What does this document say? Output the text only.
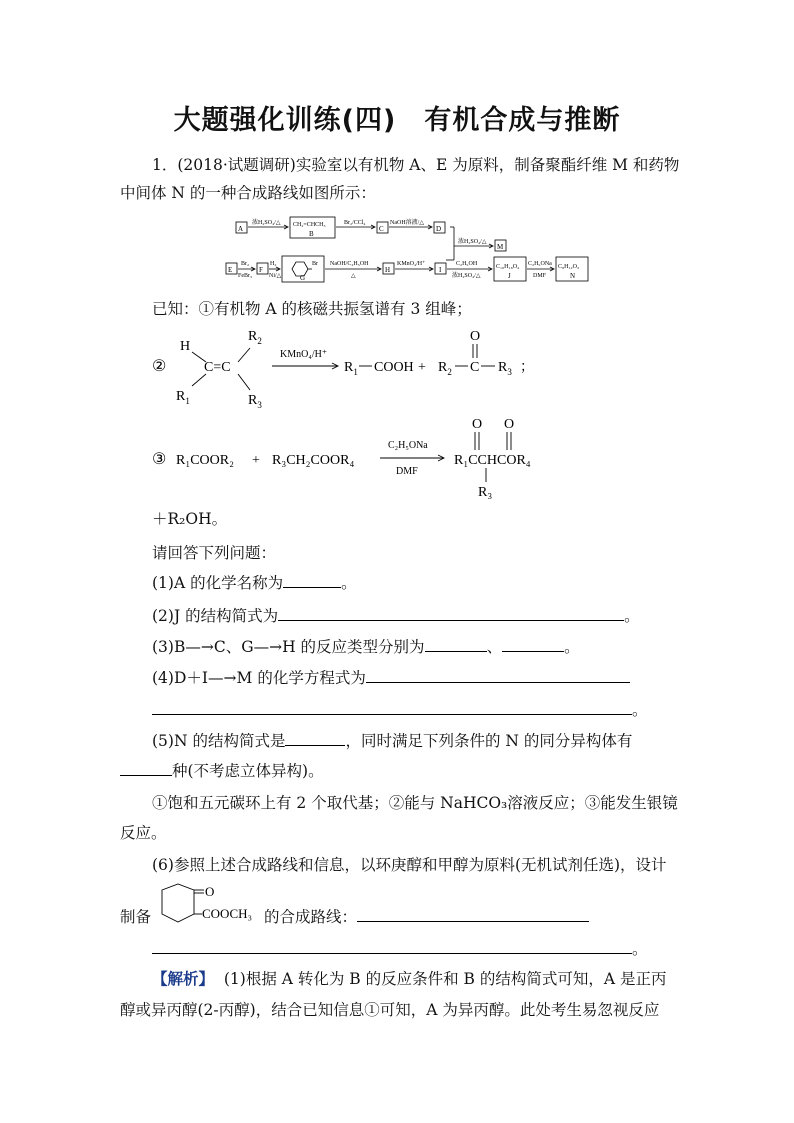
大题强化训练(四)　有机合成与推断
1．(2018·试题调研)实验室以有机物 A、E 为原料，制备聚酯纤维 M 和药物
中间体 N 的一种合成路线如图所示：
A	CH₂=CHCH₃
B
C	D
M
浓H₂SO₄/△	Br₂/CCl₄	NaOH溶液/△
浓H₂SO₄/△
E	F
Br
G
H	I	C₁₀H₁₈O₄
J
C₈H₁₂O₃
N
Br₂
FeBr₃
H₂
Ni/△
NaOH/C₂H₅OH
△
KMnO₄/H⁺	C₂H₅OH
浓H₂SO₄/△
C₂H₅ONa
DMF
已知：①有机物 A 的核磁共振氢谱有 3 组峰；
②
H
$R_2$
$R_1$	$R_3$
C=C
KMnO₄/H⁺
$R_1$ COOH + $R_2$
O
C $R_3$ ；
③ R₁COOR₂ + R₃CH₂COOR₄
C₂H₅ONa
DMF
O O
R₁CCHCOR₄
R₃
＋R₂OH。
请回答下列问题：
(1)A 的化学名称为	。
(2)J 的结构简式为	。
(3)B—→C、G—→H 的反应类型分别为	、	。
(4)D＋I—→M 的化学方程式为
。
(5)N 的结构简式是	，同时满足下列条件的 N 的同分异构体有
种(不考虑立体异构)。
①饱和五元碳环上有 2 个取代基；②能与 NaHCO₃溶液反应；③能发生银镜
反应。
(6)参照上述合成路线和信息，以环庚醇和甲醇为原料(无机试剂任选)，设计
制备
O
COOCH₃ 的合成路线：
。
【解析】 (1)根据 A 转化为 B 的反应条件和 B 的结构简式可知，A 是正丙
醇或异丙醇(2-丙醇)，结合已知信息①可知，A 为异丙醇。此处考生易忽视反应
